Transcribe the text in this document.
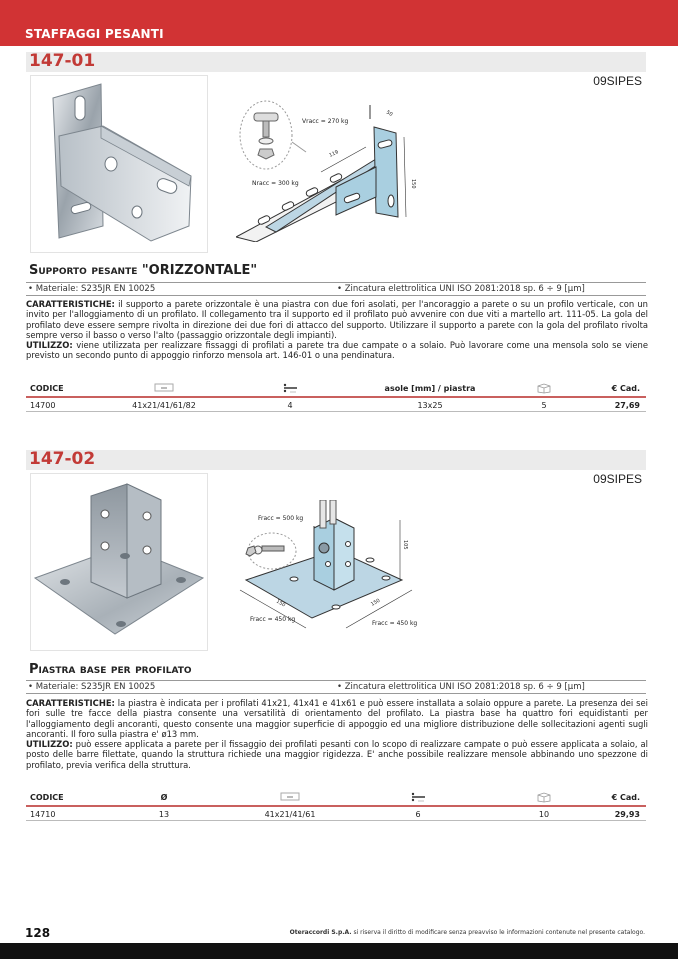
STAFFAGGI PESANTI
147-01
09SIPES
Vracc = 270 kg
Nracc = 300 kg
50
119
150
Supporto pesante "ORIZZONTALE"
• Materiale: S235JR EN 10025	• Zincatura elettrolitica UNI ISO 2081:2018 sp. 6 ÷ 9 [µm]

CARATTERISTICHE: il supporto a parete orizzontale è una piastra con due fori asolati, per l'ancoraggio a parete o su un profilo verticale, con un invito per l'alloggiamento di un profilato. Il collegamento tra il supporto ed il profilato può avvenire con due viti a martello art. 111-05. La gola del profilato deve essere sempre rivolta in direzione dei due fori di attacco del supporto. Utilizzare il supporto a parete con la gola del profilato rivolta sempre verso il basso o verso l'alto (passaggio orizzontale degli impianti).

UTILIZZO: viene utilizzata per realizzare fissaggi di profilati a parete tra due campate o a solaio. Può lavorare come una mensola solo se viene previsto un secondo punto di appoggio rinforzo mensola art. 146-01 o una pendinatura.

CODICE	asole [mm] / piastra	€ Cad.
14700	41x21/41/61/82	4	13x25	5	27,69
147-02
09SIPES
Fracc = 500 kg
Fracc = 450 kg
Fracc = 450 kg
105
150	150
Piastra base per profilato
• Materiale: S235JR EN 10025	• Zincatura elettrolitica UNI ISO 2081:2018 sp. 6 ÷ 9 [µm]

CARATTERISTICHE: la piastra è indicata per i profilati 41x21, 41x41 e 41x61 e può essere installata a solaio oppure a parete. La presenza dei sei fori sulle tre facce della piastra consente una versatilità di orientamento del profilato. La piastra base ha quattro fori equidistanti per l'alloggiamento degli ancoranti, questo consente una maggior superficie di appoggio ed una migliore distribuzione delle sollecitazioni agenti sugli ancoranti. Il foro sulla piastra e' ø13 mm.

UTILIZZO: può essere applicata a parete per il fissaggio dei profilati pesanti con lo scopo di realizzare campate o può essere applicata a solaio, al posto delle barre filettate, quando la struttura richiede una maggior rigidezza. E' anche possibile realizzare mensole abbinando uno spezzone di profilato, previa verifica della struttura.

CODICE	Ø	€ Cad.
14710	13	41x21/41/61	6	10	29,93
128	Oteraccordi S.p.A. si riserva il diritto di modificare senza preavviso le informazioni contenute nel presente catalogo.
